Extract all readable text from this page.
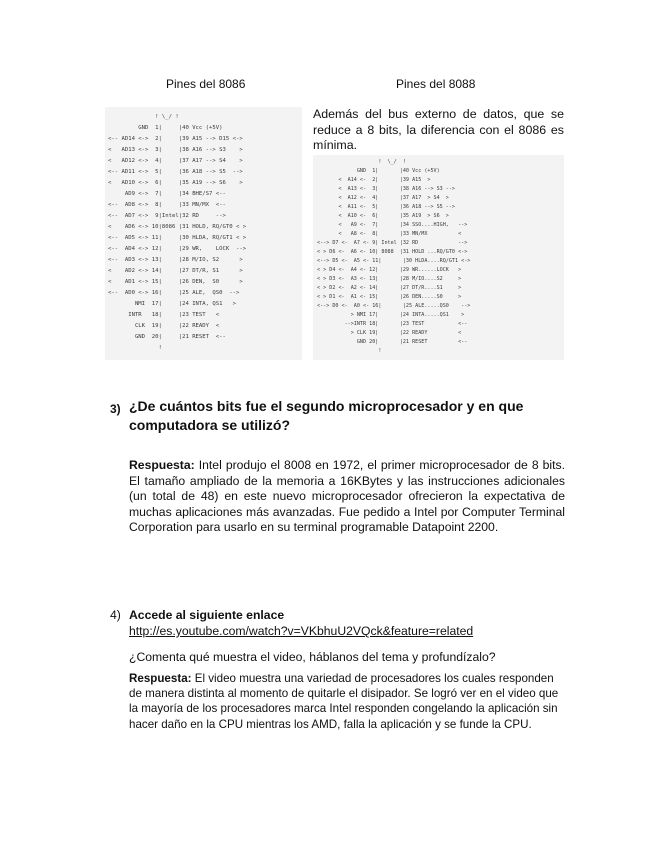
Pines del 8086	Pines del 8088
! \_/ !
GND  1|     |40 Vcc (+5V)
<-- AD14 <->  2|     |39 A15 --> D15 <->
<   AD13 <->  3|     |38 A16 --> S3    >
<   AD12 <->  4|     |37 A17 --> S4    >
<-- AD11 <->  5|     |36 A18 --> S5  -->
<   AD10 <->  6|     |35 A19 --> S6    >
AD9 <->  7|     |34 BHE/S7 <--
<--  AD8 <->  8|     |33 MN/MX  <--
<--  AD7 <->  9|Intel|32 RD     -->
<    AD6 <-> 10|8086 |31 HOLD, RQ/GT0 < >
<--  AD5 <-> 11|     |30 HLDA, RQ/GT1 < >
<--  AD4 <-> 12|     |29 WR,    LOCK  -->
<--  AD3 <-> 13|     |28 M/IO, S2      >
<    AD2 <-> 14|     |27 DT/R, S1      >
<    AD1 <-> 15|     |26 DEN,  S0      >
<--  AD0 <-> 16|     |25 ALE,  QS0  -->
NMI  17|     |24 INTA, QS1   >
INTR   18|     |23 TEST   <
CLK  19|     |22 READY  <
GND  20|     |21 RESET  <--
!
Además del bus externo de datos, que se reduce a 8 bits, la diferencia con el 8086 es mínima.
!  \_/  !
GND  1|       |40 Vcc (+5V)
<  A14 <-  2|       |39 A15  >
<  A13 <-  3|       |38 A16 --> S3 -->
<  A12 <-  4|       |37 A17  > S4  >
<  A11 <-  5|       |36 A18 --> S5 -->
<  A10 <-  6|       |35 A19  > S6  >
<   A9 <-  7|       |34 SSO....HIGH,   -->
<   A8 <-  8|       |33 MN/MX          <
<--> D7 <-  A7 <- 9| Intel |32 RD             -->
< > D6 <-  A6 <- 10| 8088  |31 HOLD ...RQ/GT0 <->
<--> D5 <-  A5 <- 11|       |30 HLDA....RQ/GT1 <->
< > D4 <-  A4 <- 12|       |29 WR......LOCK   >
< > D3 <-  A3 <- 13|       |28 M/IO....S2     >
< > D2 <-  A2 <- 14|       |27 DT/R....S1     >
< > D1 <-  A1 <- 15|       |26 DEN.....S0     >
<--> D0 <-  A0 <- 16|       |25 ALE.....QS0    -->
> NMI 17|       |24 INTA.....QS1    >
-->INTR 18|       |23 TEST           <--
> CLK 19|       |22 READY          <
GND 20|       |21 RESET          <--
!
3) ¿De cuántos bits fue el segundo microprocesador y en que computadora se utilizó?
Respuesta: Intel produjo el 8008 en 1972, el primer microprocesador de 8 bits. El tamaño ampliado de la memoria a 16KBytes y las instrucciones adicionales (un total de 48) en este nuevo microprocesador ofrecieron la expectativa de muchas aplicaciones más avanzadas. Fue pedido a Intel por Computer Terminal Corporation para usarlo en su terminal programable Datapoint 2200.
4) Accede al siguiente enlace
http://es.youtube.com/watch?v=VKbhuU2VQck&feature=related
¿Comenta qué muestra el video, háblanos del tema y profundízalo?
Respuesta: El video muestra una variedad de procesadores los cuales responden de manera distinta al momento de quitarle el disipador. Se logró ver en el video que la mayoría de los procesadores marca Intel responden congelando la aplicación sin hacer daño en la CPU mientras los AMD, falla la aplicación y se funde la CPU.
